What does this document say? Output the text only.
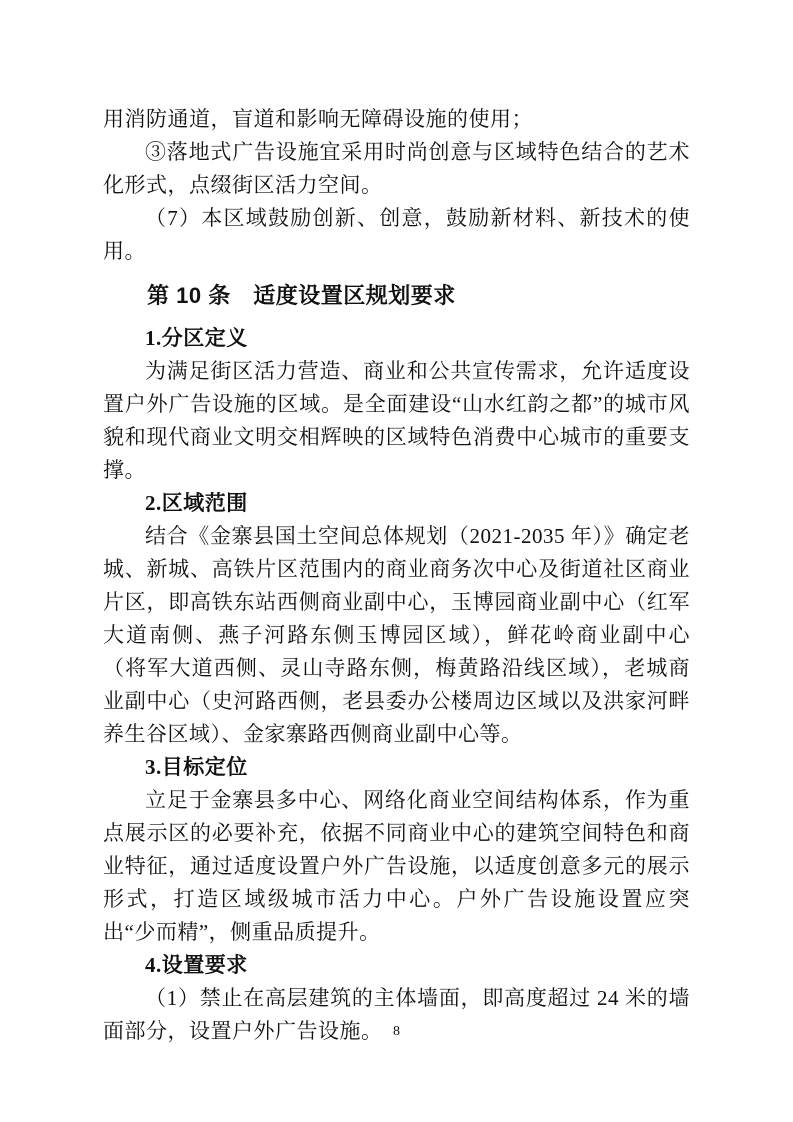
用消防通道，盲道和影响无障碍设施的使用；

③落地式广告设施宜采用时尚创意与区域特色结合的艺术化形式，点缀街区活力空间。

（7）本区域鼓励创新、创意，鼓励新材料、新技术的使用。

第 10 条　适度设置区规划要求
1.分区定义

为满足街区活力营造、商业和公共宣传需求，允许适度设置户外广告设施的区域。是全面建设“山水红韵之都”的城市风貌和现代商业文明交相辉映的区域特色消费中心城市的重要支撑。

2.区域范围

结合《金寨县国土空间总体规划（2021-2035 年）》确定老城、新城、高铁片区范围内的商业商务次中心及街道社区商业片区，即高铁东站西侧商业副中心，玉博园商业副中心（红军大道南侧、燕子河路东侧玉博园区域），鲜花岭商业副中心（将军大道西侧、灵山寺路东侧，梅黄路沿线区域），老城商业副中心（史河路西侧，老县委办公楼周边区域以及洪家河畔养生谷区域）、金家寨路西侧商业副中心等。

3.目标定位

立足于金寨县多中心、网络化商业空间结构体系，作为重点展示区的必要补充，依据不同商业中心的建筑空间特色和商业特征，通过适度设置户外广告设施，以适度创意多元的展示形式，打造区域级城市活力中心。户外广告设施设置应突出“少而精”，侧重品质提升。

4.设置要求

（1）禁止在高层建筑的主体墙面，即高度超过 24 米的墙面部分，设置户外广告设施。 8
